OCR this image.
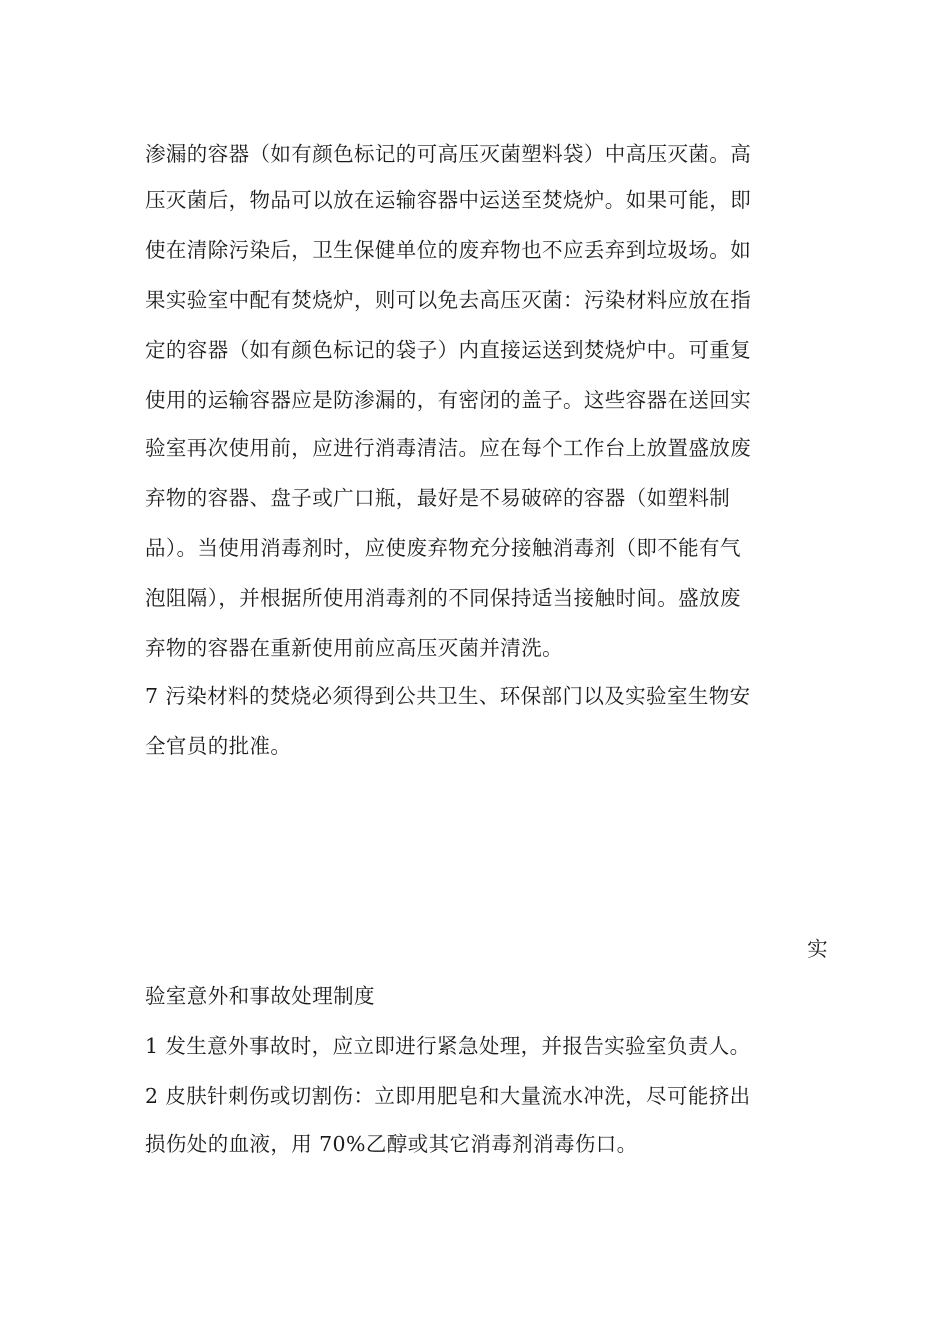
渗漏的容器（如有颜色标记的可高压灭菌塑料袋）中高压灭菌。高
压灭菌后，物品可以放在运输容器中运送至焚烧炉。如果可能，即
使在清除污染后，卫生保健单位的废弃物也不应丢弃到垃圾场。如
果实验室中配有焚烧炉，则可以免去高压灭菌：污染材料应放在指
定的容器（如有颜色标记的袋子）内直接运送到焚烧炉中。可重复
使用的运输容器应是防渗漏的，有密闭的盖子。这些容器在送回实
验室再次使用前，应进行消毒清洁。应在每个工作台上放置盛放废
弃物的容器、盘子或广口瓶，最好是不易破碎的容器（如塑料制
品）。当使用消毒剂时，应使废弃物充分接触消毒剂（即不能有气
泡阻隔），并根据所使用消毒剂的不同保持适当接触时间。盛放废
弃物的容器在重新使用前应高压灭菌并清洗。
7 污染材料的焚烧必须得到公共卫生、环保部门以及实验室生物安
全官员的批准。
实
验室意外和事故处理制度
1 发生意外事故时，应立即进行紧急处理，并报告实验室负责人。
2 皮肤针刺伤或切割伤：立即用肥皂和大量流水冲洗，尽可能挤出
损伤处的血液，用 70%乙醇或其它消毒剂消毒伤口。
